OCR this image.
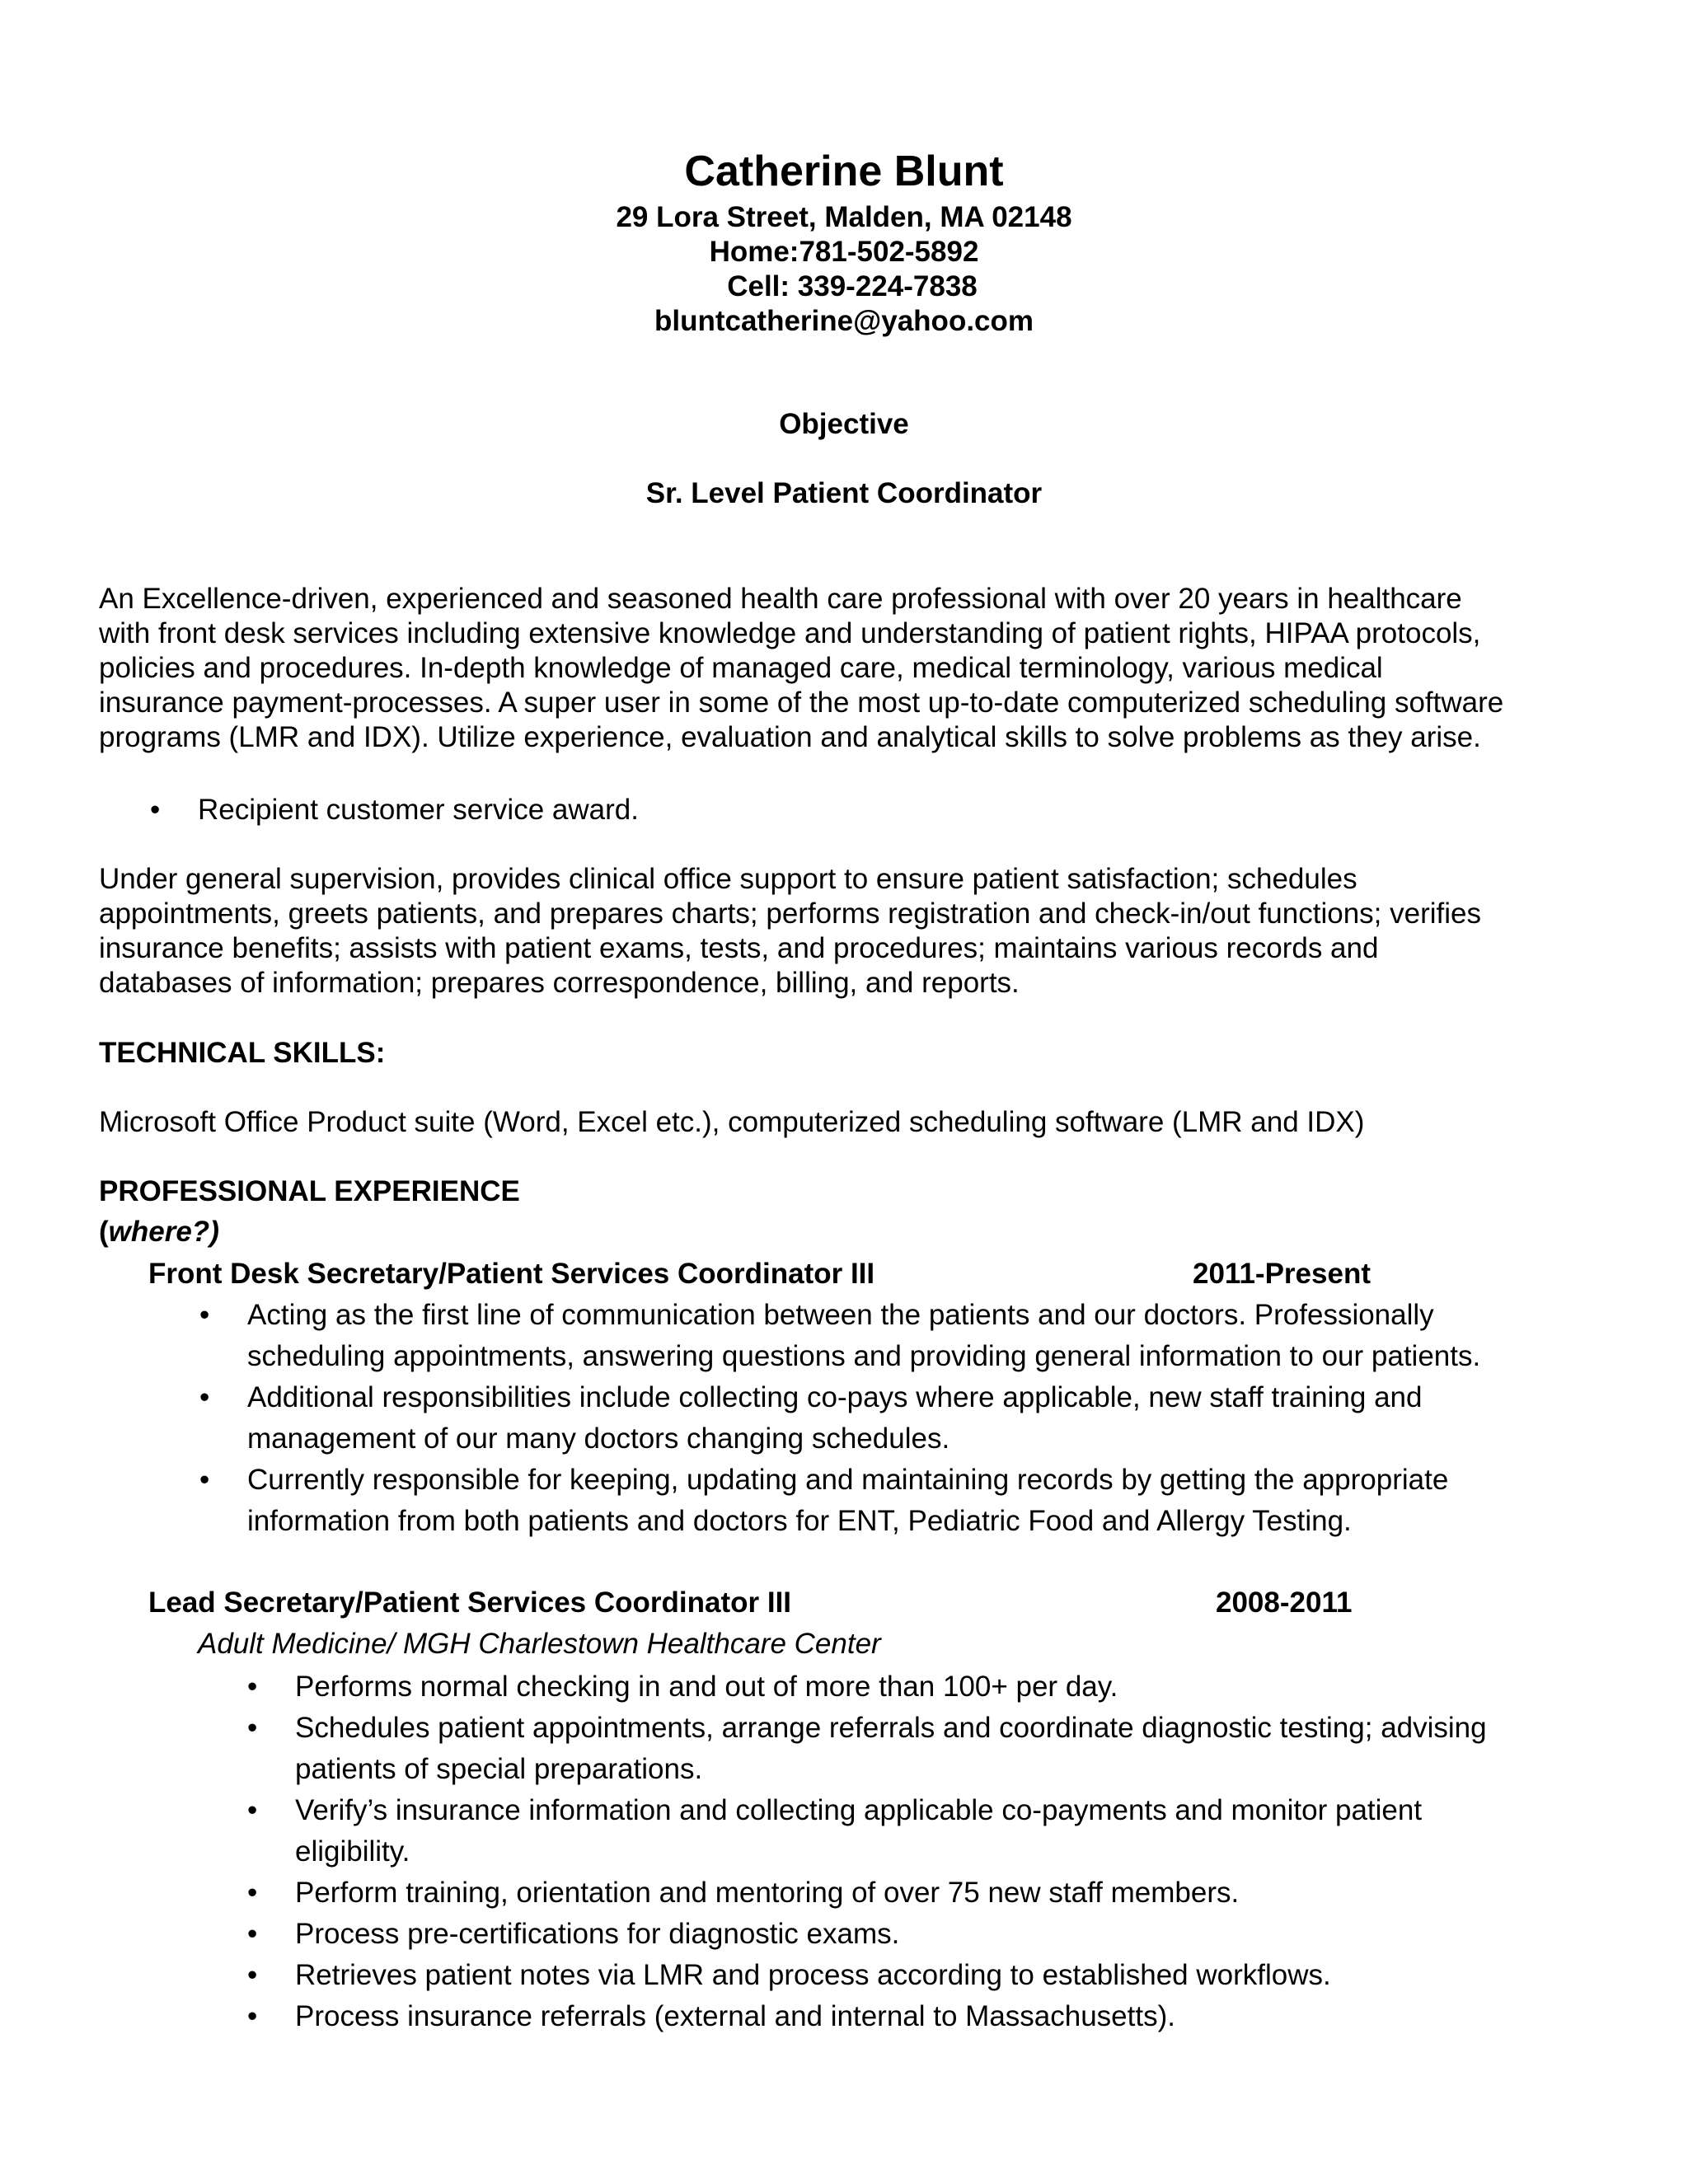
Catherine Blunt
29 Lora Street, Malden, MA 02148
Home:781-502-5892
Cell: 339-224-7838
bluntcatherine@yahoo.com
Objective
Sr. Level Patient Coordinator
An Excellence-driven, experienced and seasoned health care professional with over 20 years in healthcare
with front desk services including extensive knowledge and understanding of patient rights, HIPAA protocols,
policies and procedures. In-depth knowledge of managed care, medical terminology, various medical
insurance payment-processes. A super user in some of the most up-to-date computerized scheduling software
programs (LMR and IDX). Utilize experience, evaluation and analytical skills to solve problems as they arise.
• Recipient customer service award.
Under general supervision, provides clinical office support to ensure patient satisfaction; schedules
appointments, greets patients, and prepares charts; performs registration and check-in/out functions; verifies
insurance benefits; assists with patient exams, tests, and procedures; maintains various records and
databases of information; prepares correspondence, billing, and reports.
TECHNICAL SKILLS:
Microsoft Office Product suite (Word, Excel etc.), computerized scheduling software (LMR and IDX)
PROFESSIONAL EXPERIENCE
(where?)
Front Desk Secretary/Patient Services Coordinator III	2011-Present
• Acting as the first line of communication between the patients and our doctors. Professionally
scheduling appointments, answering questions and providing general information to our patients.
• Additional responsibilities include collecting co-pays where applicable, new staff training and
management of our many doctors changing schedules.
• Currently responsible for keeping, updating and maintaining records by getting the appropriate
information from both patients and doctors for ENT, Pediatric Food and Allergy Testing.
Lead Secretary/Patient Services Coordinator III	2008-2011
Adult Medicine/ MGH Charlestown Healthcare Center
• Performs normal checking in and out of more than 100+ per day.
• Schedules patient appointments, arrange referrals and coordinate diagnostic testing; advising
patients of special preparations.
• Verify’s insurance information and collecting applicable co-payments and monitor patient
eligibility.
• Perform training, orientation and mentoring of over 75 new staff members.
• Process pre-certifications for diagnostic exams.
• Retrieves patient notes via LMR and process according to established workflows.
• Process insurance referrals (external and internal to Massachusetts).
